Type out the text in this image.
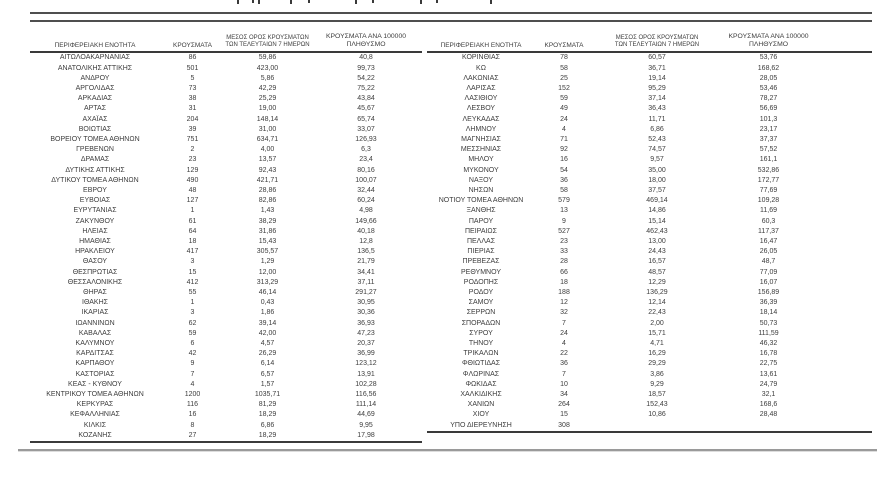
ΠΕΡΙΦΕΡΕΙΑΚΗ ΕΝΟΤΗΤΑ	ΚΡΟΥΣΜΑΤΑ	ΜΕΣΟΣ ΟΡΟΣ ΚΡΟΥΣΜΑΤΩΝ
ΤΩΝ ΤΕΛΕΥΤΑΙΩΝ 7 ΗΜΕΡΩΝ	ΚΡΟΥΣΜΑΤΑ ΑΝΑ 100000
ΠΛΗΘΥΣΜΟ

ΑΙΤΩΛΟΑΚΑΡΝΑΝΙΑΣ	86	59,86	40,8
ΑΝΑΤΟΛΙΚΗΣ ΑΤΤΙΚΗΣ	501	423,00	99,73
ΑΝΔΡΟΥ	5	5,86	54,22
ΑΡΓΟΛΙΔΑΣ	73	42,29	75,22
ΑΡΚΑΔΙΑΣ	38	25,29	43,84
ΑΡΤΑΣ	31	19,00	45,67
ΑΧΑΪΑΣ	204	148,14	65,74
ΒΟΙΩΤΙΑΣ	39	31,00	33,07
ΒΟΡΕΙΟΥ ΤΟΜΕΑ ΑΘΗΝΩΝ	751	634,71	126,93
ΓΡΕΒΕΝΩΝ	2	4,00	6,3
ΔΡΑΜΑΣ	23	13,57	23,4
ΔΥΤΙΚΗΣ ΑΤΤΙΚΗΣ	129	92,43	80,16
ΔΥΤΙΚΟΥ ΤΟΜΕΑ ΑΘΗΝΩΝ	490	421,71	100,07
ΕΒΡΟΥ	48	28,86	32,44
ΕΥΒΟΙΑΣ	127	82,86	60,24
ΕΥΡΥΤΑΝΙΑΣ	1	1,43	4,98
ΖΑΚΥΝΘΟΥ	61	38,29	149,66
ΗΛΕΙΑΣ	64	31,86	40,18
ΗΜΑΘΙΑΣ	18	15,43	12,8
ΗΡΑΚΛΕΙΟΥ	417	305,57	136,5
ΘΑΣΟΥ	3	1,29	21,79
ΘΕΣΠΡΩΤΙΑΣ	15	12,00	34,41
ΘΕΣΣΑΛΟΝΙΚΗΣ	412	313,29	37,11
ΘΗΡΑΣ	55	46,14	291,27
ΙΘΑΚΗΣ	1	0,43	30,95
ΙΚΑΡΙΑΣ	3	1,86	30,36
ΙΩΑΝΝΙΝΩΝ	62	39,14	36,93
ΚΑΒΑΛΑΣ	59	42,00	47,23
ΚΑΛΥΜΝΟΥ	6	4,57	20,37
ΚΑΡΔΙΤΣΑΣ	42	26,29	36,99
ΚΑΡΠΑΘΟΥ	9	6,14	123,12
ΚΑΣΤΟΡΙΑΣ	7	6,57	13,91
ΚΕΑΣ - ΚΥΘΝΟΥ	4	1,57	102,28
ΚΕΝΤΡΙΚΟΥ ΤΟΜΕΑ ΑΘΗΝΩΝ	1200	1035,71	116,56
ΚΕΡΚΥΡΑΣ	116	81,29	111,14
ΚΕΦΑΛΛΗΝΙΑΣ	16	18,29	44,69
ΚΙΛΚΙΣ	8	6,86	9,95
ΚΟΖΑΝΗΣ	27	18,29	17,98
ΠΕΡΙΦΕΡΕΙΑΚΗ ΕΝΟΤΗΤΑ	ΚΡΟΥΣΜΑΤΑ	ΜΕΣΟΣ ΟΡΟΣ ΚΡΟΥΣΜΑΤΩΝ
ΤΩΝ ΤΕΛΕΥΤΑΙΩΝ 7 ΗΜΕΡΩΝ	ΚΡΟΥΣΜΑΤΑ ΑΝΑ 100000
ΠΛΗΘΥΣΜΟ	

ΚΟΡΙΝΘΙΑΣ	78	60,57	53,76	
ΚΩ	58	36,71	168,62	
ΛΑΚΩΝΙΑΣ	25	19,14	28,05	
ΛΑΡΙΣΑΣ	152	95,29	53,46	
ΛΑΣΙΘΙΟΥ	59	37,14	78,27	
ΛΕΣΒΟΥ	49	36,43	56,69	
ΛΕΥΚΑΔΑΣ	24	11,71	101,3	
ΛΗΜΝΟΥ	4	6,86	23,17	
ΜΑΓΝΗΣΙΑΣ	71	52,43	37,37	
ΜΕΣΣΗΝΙΑΣ	92	74,57	57,52	
ΜΗΛΟΥ	16	9,57	161,1	
ΜΥΚΟΝΟΥ	54	35,00	532,86	
ΝΑΞΟΥ	36	18,00	172,77	
ΝΗΣΩΝ	58	37,57	77,69	
ΝΟΤΙΟΥ ΤΟΜΕΑ ΑΘΗΝΩΝ	579	469,14	109,28	
ΞΑΝΘΗΣ	13	14,86	11,69	
ΠΑΡΟΥ	9	15,14	60,3	
ΠΕΙΡΑΙΩΣ	527	462,43	117,37	
ΠΕΛΛΑΣ	23	13,00	16,47	
ΠΙΕΡΙΑΣ	33	24,43	26,05	
ΠΡΕΒΕΖΑΣ	28	16,57	48,7	
ΡΕΘΥΜΝΟΥ	66	48,57	77,09	
ΡΟΔΟΠΗΣ	18	12,29	16,07	
ΡΟΔΟΥ	188	136,29	156,89	
ΣΑΜΟΥ	12	12,14	36,39	
ΣΕΡΡΩΝ	32	22,43	18,14	
ΣΠΟΡΑΔΩΝ	7	2,00	50,73	
ΣΥΡΟΥ	24	15,71	111,59	
ΤΗΝΟΥ	4	4,71	46,32	
ΤΡΙΚΑΛΩΝ	22	16,29	16,78	
ΦΘΙΩΤΙΔΑΣ	36	29,29	22,75	
ΦΛΩΡΙΝΑΣ	7	3,86	13,61	
ΦΩΚΙΔΑΣ	10	9,29	24,79	
ΧΑΛΚΙΔΙΚΗΣ	34	18,57	32,1	
ΧΑΝΙΩΝ	264	152,43	168,6	
ΧΙΟΥ	15	10,86	28,48	
ΥΠΟ ΔΙΕΡΕΥΝΗΣΗ	308			
